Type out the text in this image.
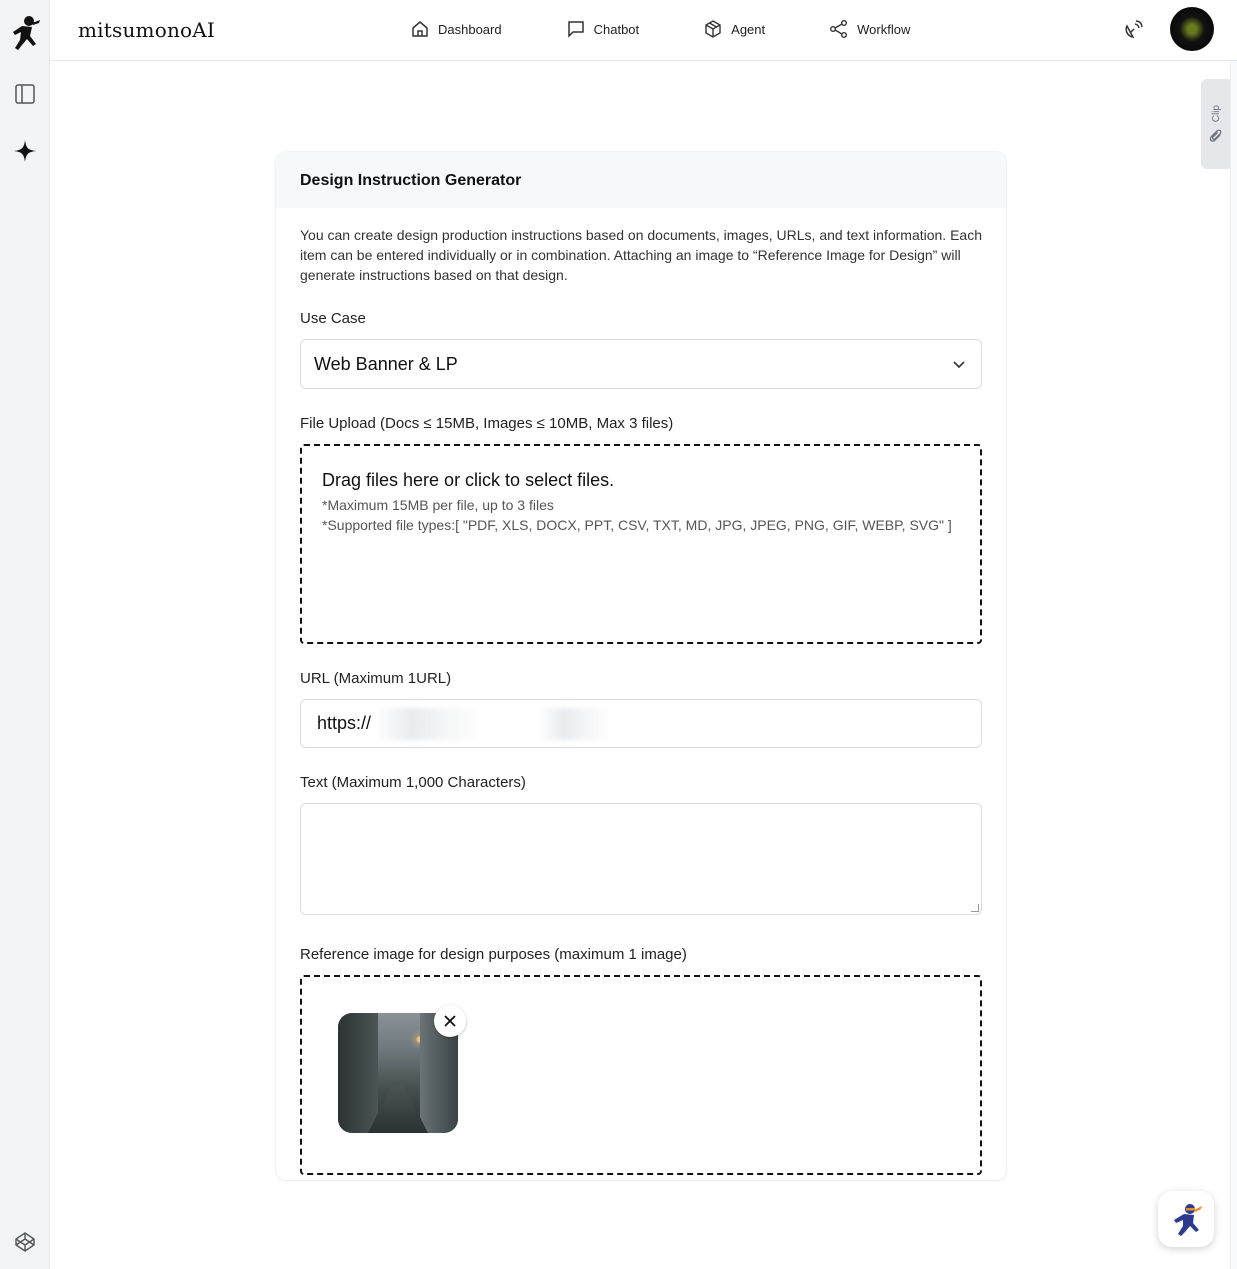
mitsumonoAI	Dashboard	Chatbot	Agent	Workflow
Clip
Design Instruction Generator

You can create design production instructions based on documents, images, URLs, and text information. Each item can be entered individually or in combination. Attaching an image to “Reference Image for Design” will generate instructions based on that design.

Use Case
Web Banner & LP
File Upload (Docs ≤ 15MB, Images ≤ 10MB, Max 3 files)
Drag files here or click to select files.
*Maximum 15MB per file, up to 3 files
*Supported file types:[ "PDF, XLS, DOCX, PPT, CSV, TXT, MD, JPG, JPEG, PNG, GIF, WEBP, SVG" ]
URL (Maximum 1URL)
https://
Text (Maximum 1,000 Characters)
Reference image for design purposes (maximum 1 image)
